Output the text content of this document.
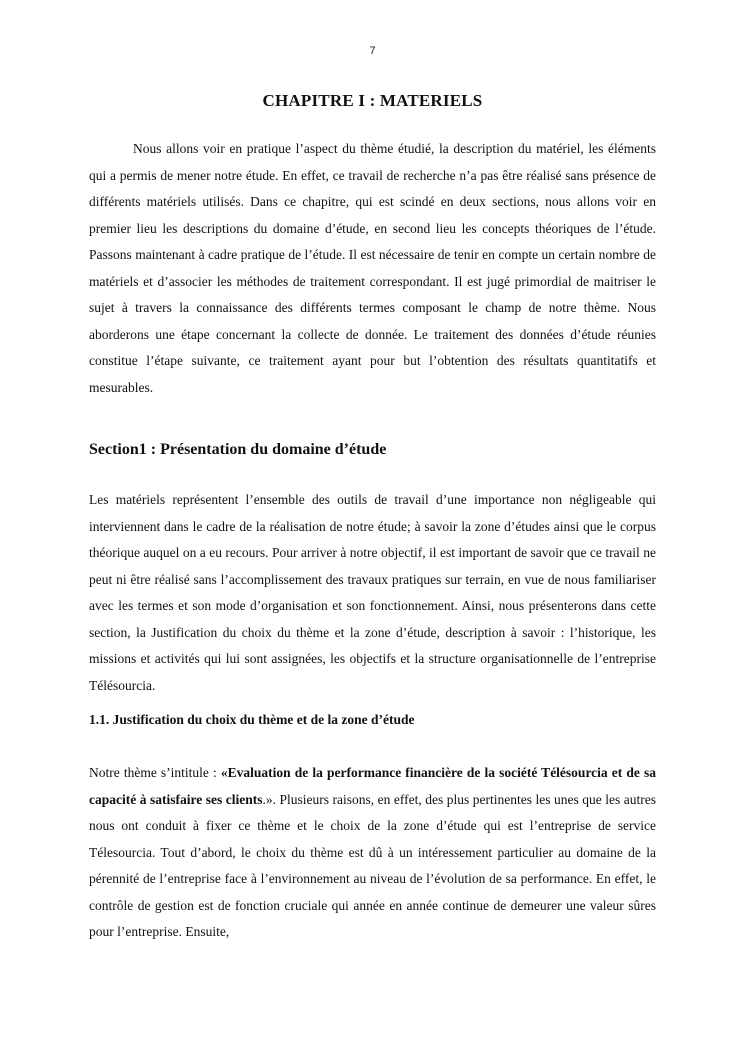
7
CHAPITRE I : MATERIELS

Nous allons voir en pratique l’aspect du thème étudié, la description du matériel, les éléments qui a permis de mener notre étude. En effet, ce travail de recherche n’a pas être réalisé sans présence de différents matériels utilisés. Dans ce chapitre, qui est scindé en deux sections, nous allons voir en premier lieu les descriptions du domaine d’étude, en second lieu les concepts théoriques de l’étude. Passons maintenant à cadre pratique de l’étude. Il est nécessaire de tenir en compte un certain nombre de matériels et d’associer les méthodes de traitement correspondant. Il est jugé primordial de maitriser le sujet à travers la connaissance des différents termes composant le champ de notre thème. Nous aborderons une étape concernant la collecte de donnée. Le traitement des données d’étude réunies constitue l’étape suivante, ce traitement ayant pour but l’obtention des résultats quantitatifs et mesurables.

Section1 : Présentation du domaine d’étude

Les matériels représentent l’ensemble des outils de travail d’une importance non négligeable qui interviennent dans le cadre de la réalisation de notre étude; à savoir la zone d’études ainsi que le corpus théorique auquel on a eu recours. Pour arriver à notre objectif, il est important de savoir que ce travail ne peut ni être réalisé sans l’accomplissement des travaux pratiques sur terrain, en vue de nous familiariser avec les termes et son mode d’organisation et son fonctionnement. Ainsi, nous présenterons dans cette section, la Justification du choix du thème et la zone d’étude, description à savoir : l’historique, les missions et activités qui lui sont assignées, les objectifs et la structure organisationnelle de l’entreprise Télésourcia.

1.1. Justification du choix du thème et de la zone d’étude

Notre thème s’intitule : «Evaluation de la performance financière de la société Télésourcia et de sa capacité à satisfaire ses clients.». Plusieurs raisons, en effet, des plus pertinentes les unes que les autres nous ont conduit à fixer ce thème et le choix de la zone d’étude qui est l’entreprise de service Télesourcia. Tout d’abord, le choix du thème est dû à un intéressement particulier au domaine de la pérennité de l’entreprise face à l’environnement au niveau de l’évolution de sa performance. En effet, le contrôle de gestion est de fonction cruciale qui année en année continue de demeurer une valeur sûres pour l’entreprise. Ensuite,
